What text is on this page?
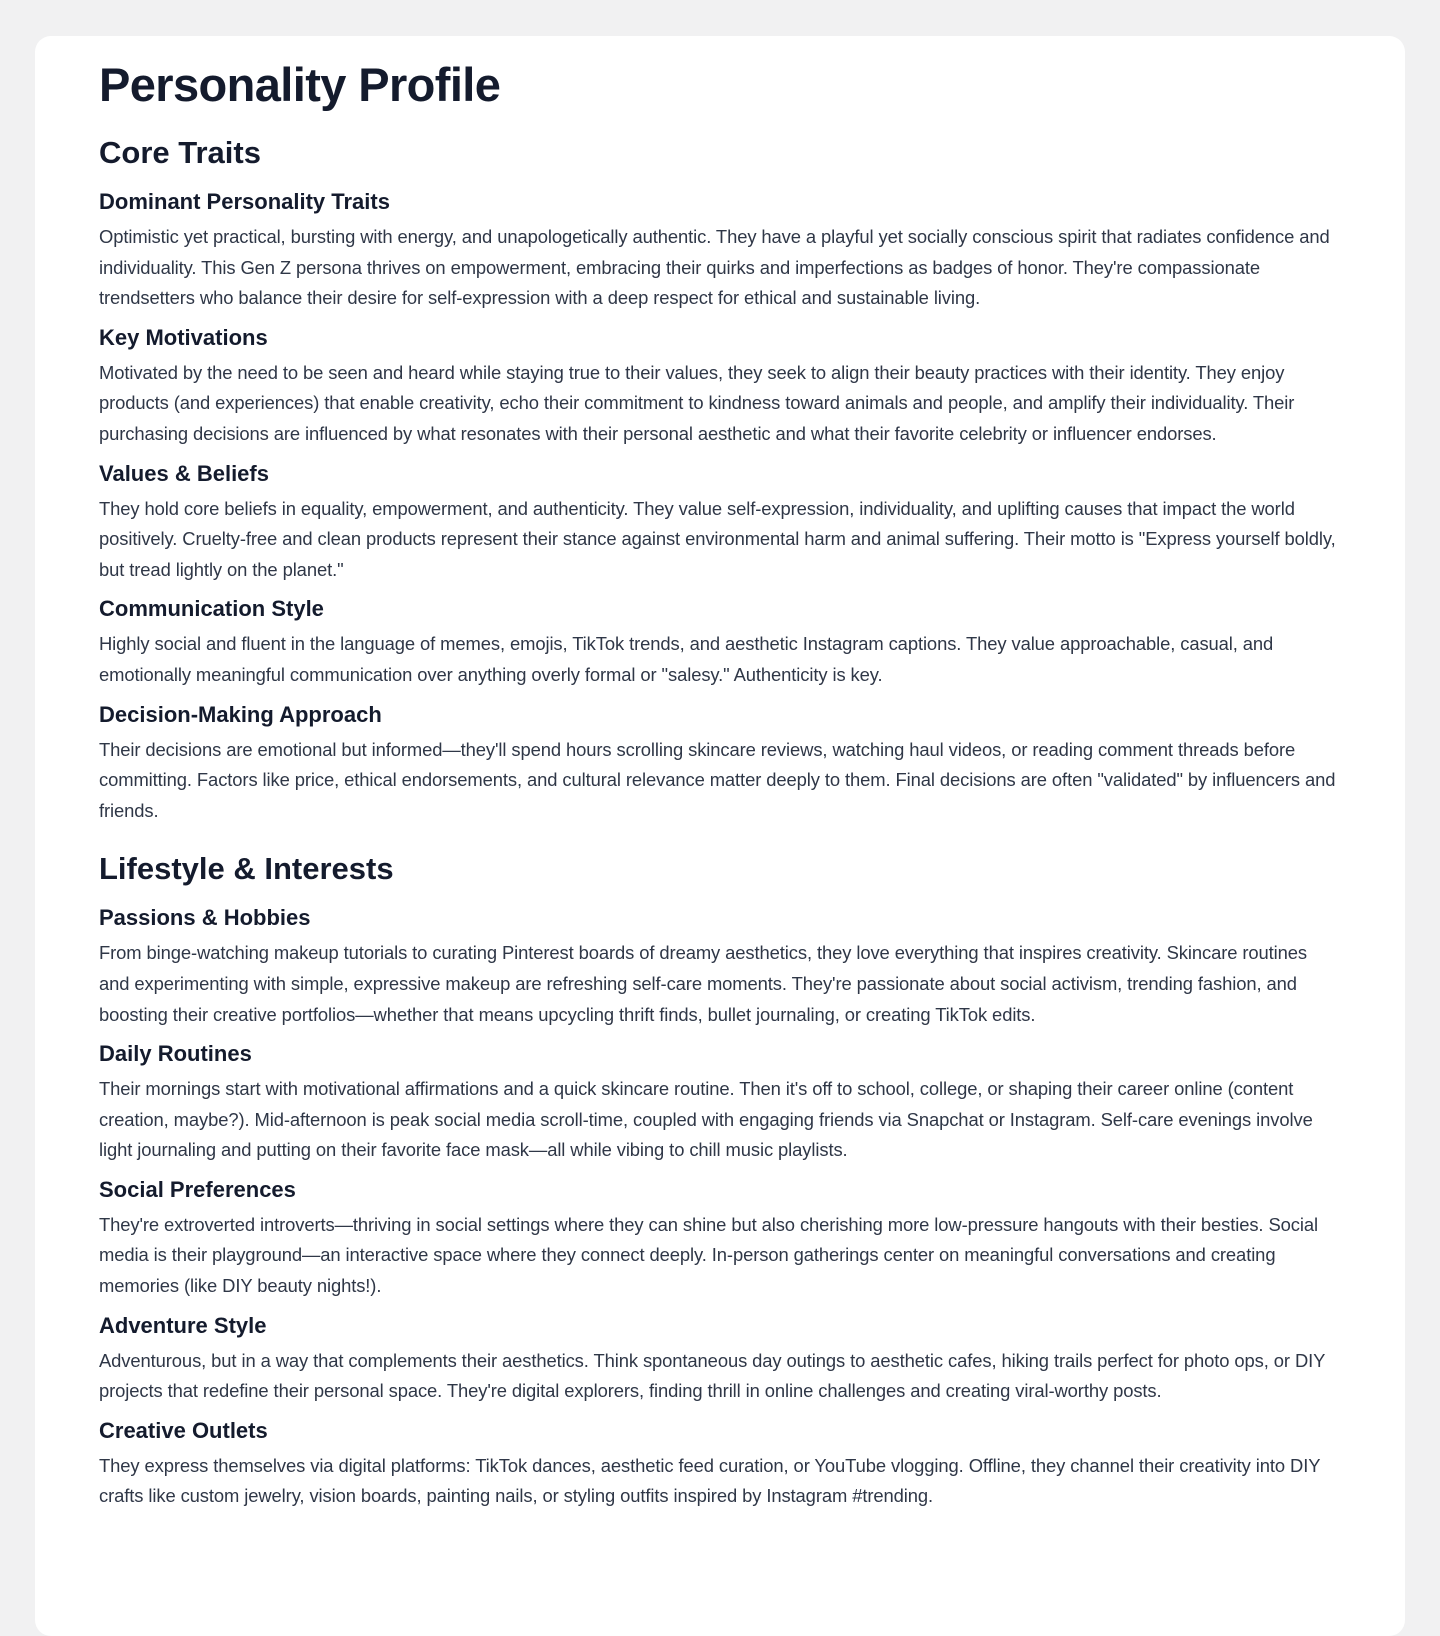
Personality Profile
Core Traits
Dominant Personality Traits

Optimistic yet practical, bursting with energy, and unapologetically authentic. They have a playful yet socially conscious spirit that radiates confidence and individuality. This Gen Z persona thrives on empowerment, embracing their quirks and imperfections as badges of honor. They're compassionate trendsetters who balance their desire for self-expression with a deep respect for ethical and sustainable living.

Key Motivations

Motivated by the need to be seen and heard while staying true to their values, they seek to align their beauty practices with their identity. They enjoy products (and experiences) that enable creativity, echo their commitment to kindness toward animals and people, and amplify their individuality. Their purchasing decisions are influenced by what resonates with their personal aesthetic and what their favorite celebrity or influencer endorses.

Values & Beliefs

They hold core beliefs in equality, empowerment, and authenticity. They value self-expression, individuality, and uplifting causes that impact the world positively. Cruelty-free and clean products represent their stance against environmental harm and animal suffering. Their motto is "Express yourself boldly, but tread lightly on the planet."

Communication Style

Highly social and fluent in the language of memes, emojis, TikTok trends, and aesthetic Instagram captions. They value approachable, casual, and emotionally meaningful communication over anything overly formal or "salesy." Authenticity is key.

Decision-Making Approach

Their decisions are emotional but informed—they'll spend hours scrolling skincare reviews, watching haul videos, or reading comment threads before committing. Factors like price, ethical endorsements, and cultural relevance matter deeply to them. Final decisions are often "validated" by influencers and friends.

Lifestyle & Interests
Passions & Hobbies

From binge-watching makeup tutorials to curating Pinterest boards of dreamy aesthetics, they love everything that inspires creativity. Skincare routines and experimenting with simple, expressive makeup are refreshing self-care moments. They're passionate about social activism, trending fashion, and boosting their creative portfolios—whether that means upcycling thrift finds, bullet journaling, or creating TikTok edits.

Daily Routines

Their mornings start with motivational affirmations and a quick skincare routine. Then it's off to school, college, or shaping their career online (content creation, maybe?). Mid-afternoon is peak social media scroll-time, coupled with engaging friends via Snapchat or Instagram. Self-care evenings involve light journaling and putting on their favorite face mask—all while vibing to chill music playlists.

Social Preferences

They're extroverted introverts—thriving in social settings where they can shine but also cherishing more low-pressure hangouts with their besties. Social media is their playground—an interactive space where they connect deeply. In-person gatherings center on meaningful conversations and creating memories (like DIY beauty nights!).

Adventure Style

Adventurous, but in a way that complements their aesthetics. Think spontaneous day outings to aesthetic cafes, hiking trails perfect for photo ops, or DIY projects that redefine their personal space. They're digital explorers, finding thrill in online challenges and creating viral-worthy posts.

Creative Outlets

They express themselves via digital platforms: TikTok dances, aesthetic feed curation, or YouTube vlogging. Offline, they channel their creativity into DIY crafts like custom jewelry, vision boards, painting nails, or styling outfits inspired by Instagram #trending.
